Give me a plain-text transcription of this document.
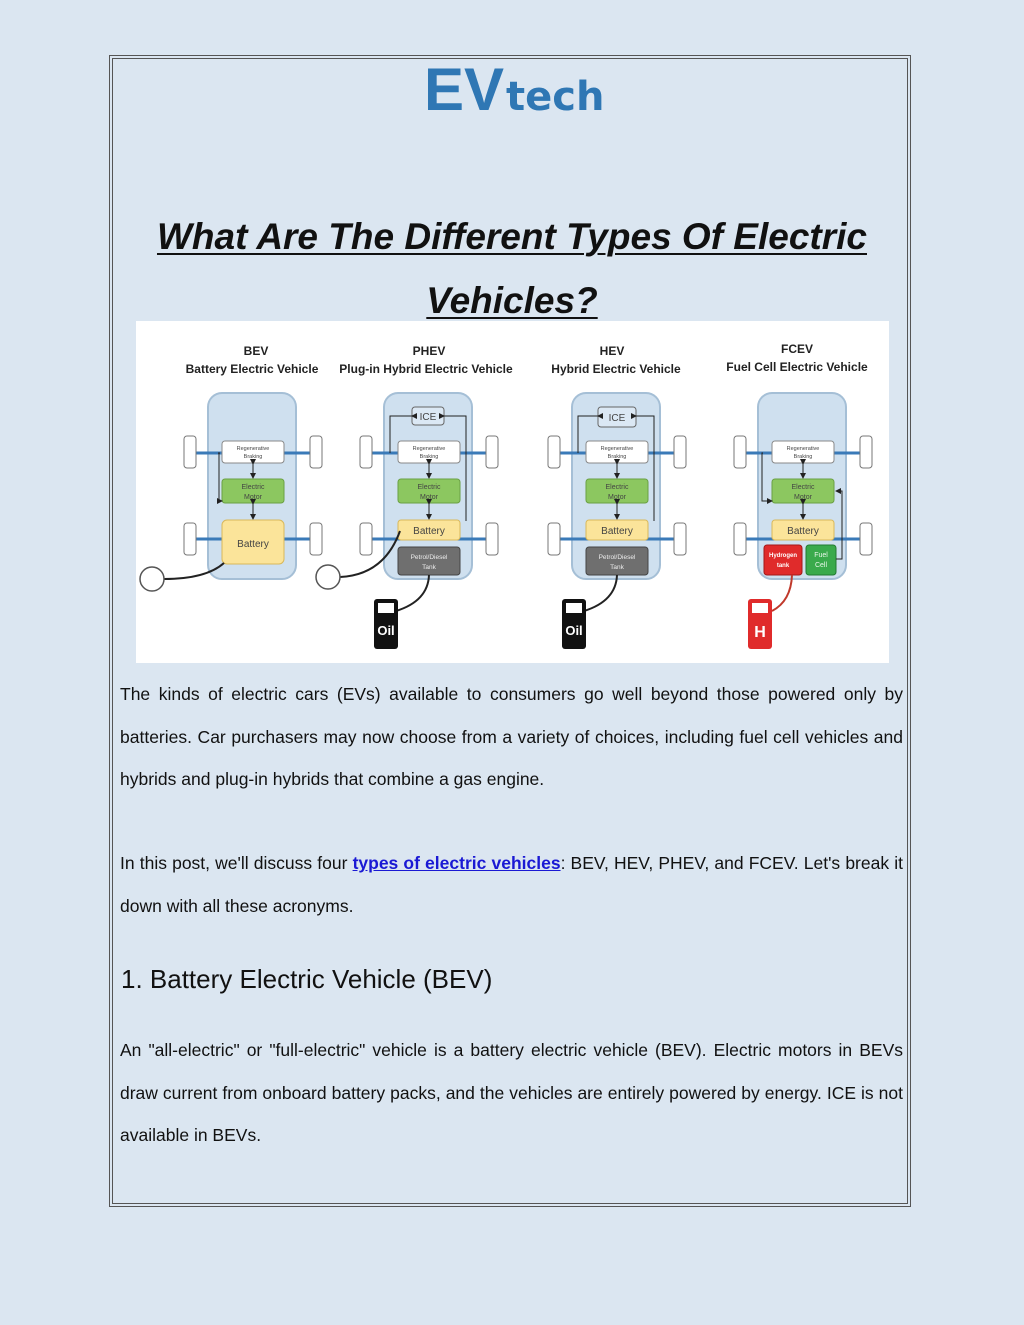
EV tech
What Are The Different Types Of Electric Vehicles?
BEV
Battery Electric Vehicle
Regenerative
Braking
Electric
Motor
Battery
PHEV
Plug-in Hybrid Electric Vehicle
ICE
Regenerative
Braking
Electric
Motor
Battery
Petrol/Diesel
Tank
Oil
HEV
Hybrid Electric Vehicle
ICE
Regenerative
Braking
Electric
Motor
Battery
Petrol/Diesel
Tank
Oil
FCEV
Fuel Cell Electric Vehicle
Regenerative
Braking
Electric
Motor
Battery
Hydrogen
tank
Fuel
Cell
H

The kinds of electric cars (EVs) available to consumers go well beyond those powered only by batteries. Car purchasers may now choose from a variety of choices, including fuel cell vehicles and hybrids and plug-in hybrids that combine a gas engine.

In this post, we'll discuss four types of electric vehicles: BEV, HEV, PHEV, and FCEV. Let's break it down with all these acronyms.

1. Battery Electric Vehicle (BEV)

An "all-electric" or "full-electric" vehicle is a battery electric vehicle (BEV). Electric motors in BEVs draw current from onboard battery packs, and the vehicles are entirely powered by energy. ICE is not available in BEVs.
